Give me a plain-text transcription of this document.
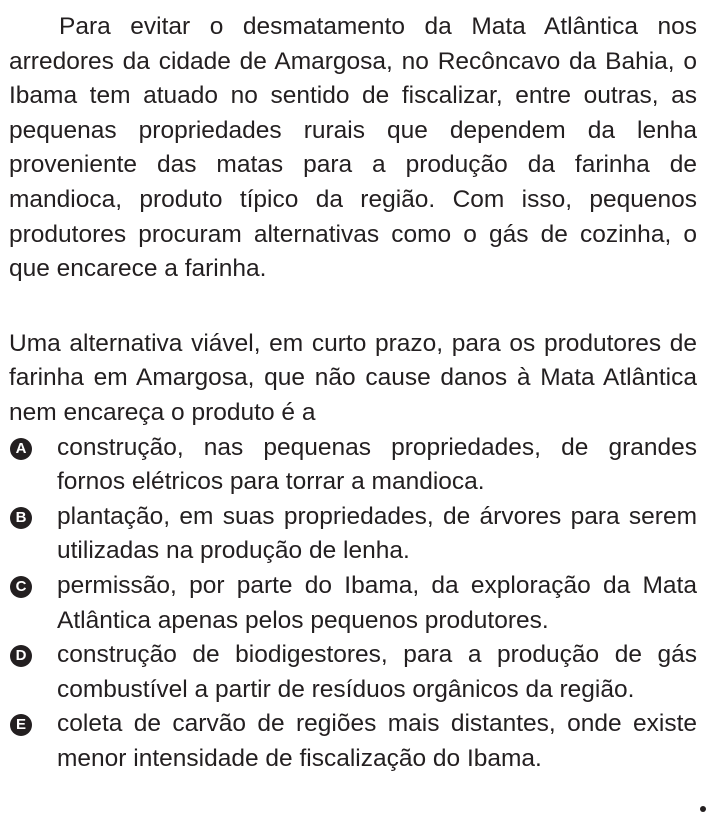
Para evitar o desmatamento da Mata Atlântica nos arredores da cidade de Amargosa, no Recôncavo da Bahia, o Ibama tem atuado no sentido de fiscalizar, entre outras, as pequenas propriedades rurais que dependem da lenha proveniente das matas para a produção da farinha de mandioca, produto típico da região. Com isso, pequenos produtores procuram alternativas como o gás de cozinha, o que encarece a farinha.

Uma alternativa viável, em curto prazo, para os produtores de farinha em Amargosa, que não cause danos à Mata Atlântica nem encareça o produto é a

A construção, nas pequenas propriedades, de grandes fornos elétricos para torrar a mandioca.
B plantação, em suas propriedades, de árvores para serem utilizadas na produção de lenha.
C permissão, por parte do Ibama, da exploração da Mata Atlântica apenas pelos pequenos produtores.
D construção de biodigestores, para a produção de gás combustível a partir de resíduos orgânicos da região.
E coleta de carvão de regiões mais distantes, onde existe menor intensidade de fiscalização do Ibama.
